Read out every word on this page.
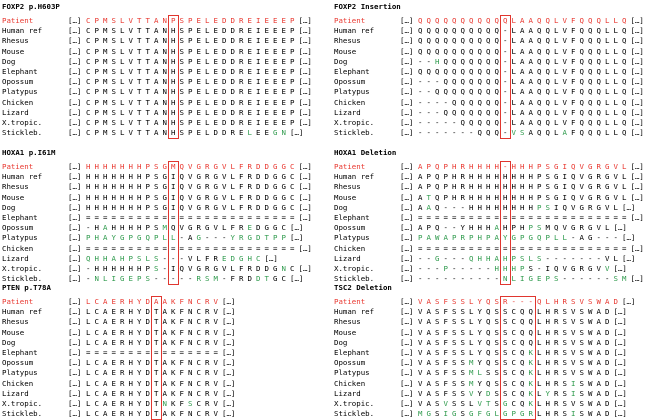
FOXP2 p.H603P
Patient	[…] C P M S L V T T A N P S P E L E D D R E I E E E P […]
Human ref	[…] C P M S L V T T A N H S P E L E D D R E I E E E P […]
Rhesus	[…] C P M S L V T T A N H S P E L E D D R E I E E E P […]
Mouse	[…] C P M S L V T T A N H S P E L E D D R E I E E E P […]
Dog	[…] C P M S L V T T A N H S P E L E D D R E I E E E P […]
Elephant	[…] C P M S L V T T A N H S P E L E D D R E I E E E P […]
Opossum	[…] C P M S L V T T A N H S P E L E D D R E I E E E P […]
Platypus	[…] C P M S L V T T A N H S P E L E D D R E I E E E P […]
Chicken	[…] C P M S L V T T A N H S P E L E D D R E I E E E P […]
Lizard	[…] C P M S L V T T A N H S P E L E D D R E I E E E P […]
X.tropic.	[…] C P M S L V T T A N H S P E L E D D R E I E E E P […]
Stickleb.	[…] C P M S L V T T A N H S P E L D D R E L E E G N […]
FOXP2 Insertion
Patient	[…] Q Q Q Q Q Q Q Q Q Q Q L A A Q Q L V F Q Q Q L L Q […]
Human ref	[…] Q Q Q Q Q Q Q Q Q Q - L A A Q Q L V F Q Q Q L L Q […]
Rhesus	[…] Q Q Q Q Q Q Q Q Q Q - L A A Q Q L V F Q Q Q L L Q […]
Mouse	[…] Q Q Q Q Q Q Q Q Q Q - L A A Q Q L V F Q Q Q L L Q […]
Dog	[…] - - H Q Q Q Q Q Q Q - L A A Q Q L V F Q Q Q L L Q […]
Elephant	[…] Q Q Q Q Q Q Q Q Q Q - L A A Q Q L V F Q Q Q L L Q […]
Opossum	[…] - - - Q Q Q Q Q Q Q - L A A Q Q L V F Q Q Q L L Q […]
Platypus	[…] - - Q Q Q Q Q Q Q Q - L A A Q Q L V F Q Q Q L L Q […]
Chicken	[…] - - - - Q Q Q Q Q Q - L A A Q Q L V F Q Q Q L L Q […]
Lizard	[…] - - - Q Q Q Q Q Q Q - L A A Q Q L V F Q Q Q L L Q […]
X.tropic.	[…] - - - - - Q Q Q Q Q - L A A Q Q L V F Q Q Q L L Q […]
Stickleb.	[…] - - - - - - - Q Q Q - V S A Q Q L A F Q Q Q L L Q […]
HOXA1 p.I61M
Patient	[…] H H H H H H H P S G M Q V G R G V L F R D D G G C […]
Human ref	[…] H H H H H H H P S G I Q V G R G V L F R D D G G C […]
Rhesus	[…] H H H H H H H P S G I Q V G R G V L F R D D G G C […]
Mouse	[…] H H H H H H H P S G I Q V G R G V L F R D D G G C […]
Dog	[…] H H H H H H H P S G I Q V G R G V L F R D D G G C […]
Elephant	[…] = = = = = = = = = = = = = = = = = = = = = = = = = […]
Opossum	[…] - H A H H H H P S M Q V G R G V L F R E D G G C […]
Platypus	[…] P H A Y G P G Q P L L - A G - - - Y R G D T P P […]
Chicken	[…] = = = = = = = = = = = = = = = = = = = = = = = = = […]
Lizard	[…] Q H H A H P S L S - - - V L F R E D G H C […]
X.tropic.	[…] - H H H H H H P S - I Q V G R G V L F R D D G N C […]
Stickleb.	[…] - N L I G E P S - - - - - R S M - F R D D T G C […]
HOXA1 Deletion
Patient	[…] A P Q P H R H H H H - H H H P S G I Q V G R G V L […]
Human ref	[…] A P Q P H R H H H H H H H H P S G I Q V G R G V L […]
Rhesus	[…] A P Q P H R H H H H H H H H P S G I Q V G R G V L […]
Mouse	[…] A T Q P H R H H H H H H H H P S G I Q V G R G V L […]
Dog	[…] A A Q - - - H H H H H H H H P S I Q V G R G V L […]
Elephant	[…] = = = = = = = = = = = = = = = = = = = = = = = = = […]
Opossum	[…] A P Q - - Y H H H A H P H P S M Q V G R G V L […]
Platypus	[…] P A W A P R P H P A Y G P G Q P L L - A G - - - […]
Chicken	[…] = = = = = = = = = = = = = = = = = = = = = = = = = […]
Lizard	[…] - - G - - - Q H H A H P S L S - - - - - - - V L […]
X.tropic.	[…] - - - P - - - - - H H H P S - I Q V G R G V V […]
Stickleb.	[…] - - - - - - - - - - N L I G E P S - - - - - - S M […]
PTEN p.T78A
Patient	[…] L C A E R H Y D A A K F N C R V […]
Human ref	[…] L C A E R H Y D T A K F N C R V […]
Rhesus	[…] L C A E R H Y D T A K F N C R V […]
Mouse	[…] L C A E R H Y D T A K F N C R V […]
Dog	[…] L C A E R H Y D T A K F N C R V […]
Elephant	[…] = = = = = = = = = = = = = = = = […]
Opossum	[…] L C A E R H Y D T A K F N C R V […]
Platypus	[…] L C A E R H Y D T A K F N C R V […]
Chicken	[…] L C A E R H Y D T A K F N C R V […]
Lizard	[…] L C A E R H Y D T A K F N C R V […]
X.tropic.	[…] L C A E R H Y D T N K F S C R V […]
Stickleb.	[…] L C A E R H Y D T A K F N C R V […]
TSC2 Deletion
Patient	[…] V A S F S S L Y Q S R - - - Q L H R S V S W A D […]
Human ref	[…] V A S F S S L Y Q S S C Q Q L H R S V S W A D […]
Rhesus	[…] V A S F S S L Y Q S S C Q Q L H R S V S W A D […]
Mouse	[…] V A S F S S L Y Q S S C Q Q L H R S V S W A D […]
Dog	[…] V A S F S S L Y Q S S C Q Q L H R S V S W A D […]
Elephant	[…] V A S F S S L Y Q S S C Q K L H R S V S W A D […]
Opossum	[…] V A S F S S M Y Q S S C Q K L H R S V S W A D […]
Platypus	[…] V A S F S S M L S S S C Q K L H R S V S W A D […]
Chicken	[…] V A S F S S M Y Q S S C Q K L H R S I S W A D […]
Lizard	[…] V A S F S S V Y D S S C Q K L Y R S I S W A D […]
X.tropic.	[…] V A S V S S L V T S G C Q K L H R S V S W A D […]
Stickleb.	[…] M G S I G S G F G L G P G R L H R S I S W A D […]
